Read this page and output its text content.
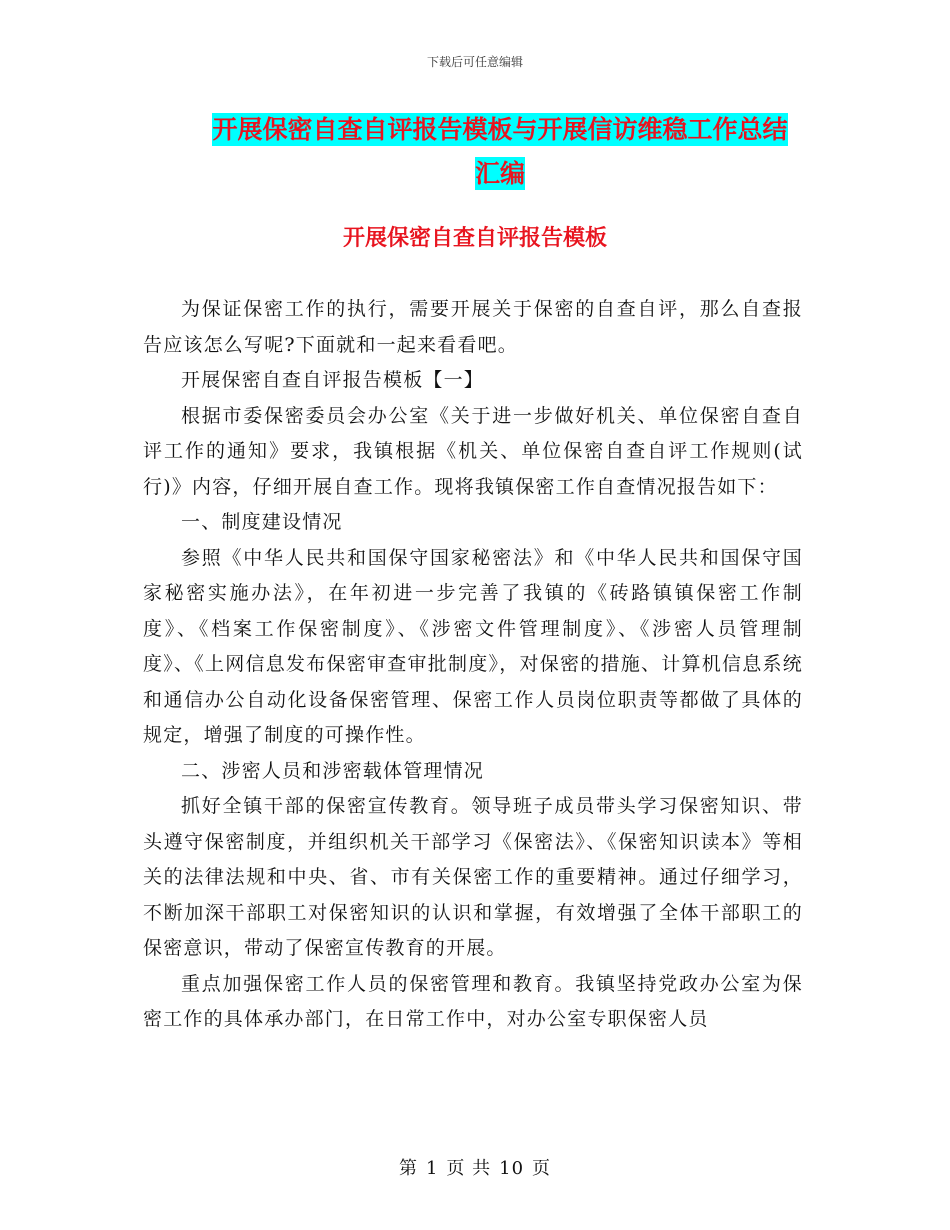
下载后可任意编辑
开展保密自查自评报告模板与开展信访维稳工作总结
汇编
开展保密自查自评报告模板

为保证保密工作的执行，需要开展关于保密的自查自评，那么自查报告应该怎么写呢?下面就和一起来看看吧。

开展保密自查自评报告模板【一】

根据市委保密委员会办公室《关于进一步做好机关、单位保密自查自评工作的通知》要求，我镇根据《机关、单位保密自查自评工作规则(试行)》内容，仔细开展自查工作。现将我镇保密工作自查情况报告如下：

一、制度建设情况

参照《中华人民共和国保守国家秘密法》和《中华人民共和国保守国家秘密实施办法》，在年初进一步完善了我镇的《砖路镇镇保密工作制度》、《档案工作保密制度》、《涉密文件管理制度》、《涉密人员管理制度》、《上网信息发布保密审查审批制度》，对保密的措施、计算机信息系统和通信办公自动化设备保密管理、保密工作人员岗位职责等都做了具体的规定，增强了制度的可操作性。

二、涉密人员和涉密载体管理情况

抓好全镇干部的保密宣传教育。领导班子成员带头学习保密知识、带头遵守保密制度，并组织机关干部学习《保密法》、《保密知识读本》等相关的法律法规和中央、省、市有关保密工作的重要精神。通过仔细学习，不断加深干部职工对保密知识的认识和掌握，有效增强了全体干部职工的保密意识，带动了保密宣传教育的开展。

重点加强保密工作人员的保密管理和教育。我镇坚持党政办公室为保密工作的具体承办部门，在日常工作中，对办公室专职保密人员

第 1 页 共 10 页
